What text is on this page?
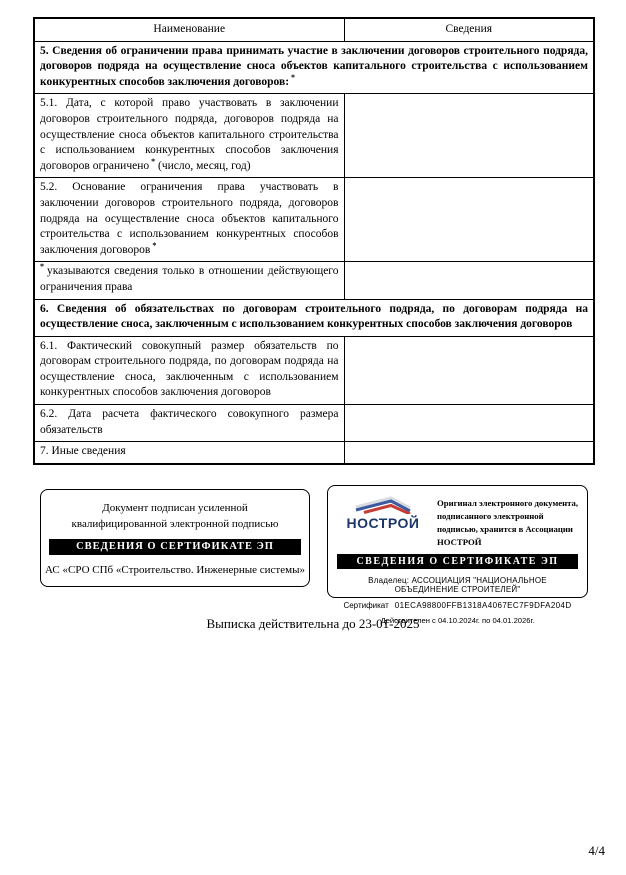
Наименование	Сведения
5. Сведения об ограничении права принимать участие в заключении договоров строительного подряда, договоров подряда на осуществление сноса объектов капитального строительства с использованием конкурентных способов заключения договоров: *
5.1. Дата, с которой право участвовать в заключении договоров строительного подряда, договоров подряда на осуществление сноса объектов капитального строительства с использованием конкурентных способов заключения договоров ограничено * (число, месяц, год)	
5.2. Основание ограничения права участвовать в заключении договоров строительного подряда, договоров подряда на осуществление сноса объектов капитального строительства с использованием конкурентных способов заключения договоров *	
* указываются сведения только в отношении действующего ограничения права	
6. Сведения об обязательствах по договорам строительного подряда, по договорам подряда на осуществление сноса, заключенным с использованием конкурентных способов заключения договоров	
6.1. Фактический совокупный размер обязательств по договорам строительного подряда, по договорам подряда на осуществление сноса, заключенным с использованием конкурентных способов заключения договоров	
6.2. Дата расчета фактического совокупного размера обязательств	
7. Иные сведения	
Документ подписан усиленной квалифицированной электронной подписью
СВЕДЕНИЯ О СЕРТИФИКАТЕ ЭП
АС «СРО СПб «Строительство. Инженерные системы»
НОСТРОЙ
Оригинал электронного документа, подписанного электронной подписью, хранится в Ассоциации НОСТРОЙ
СВЕДЕНИЯ О СЕРТИФИКАТЕ ЭП
Владелец: АССОЦИАЦИЯ "НАЦИОНАЛЬНОЕ ОБЪЕДИНЕНИЕ СТРОИТЕЛЕЙ"
Сертификат 01ECA98800FFB1318A4067EC7F9DFA204D
Действителен с 04.10.2024г. по 04.01.2026г.
Выписка действительна до 23-01-2025
4/4
